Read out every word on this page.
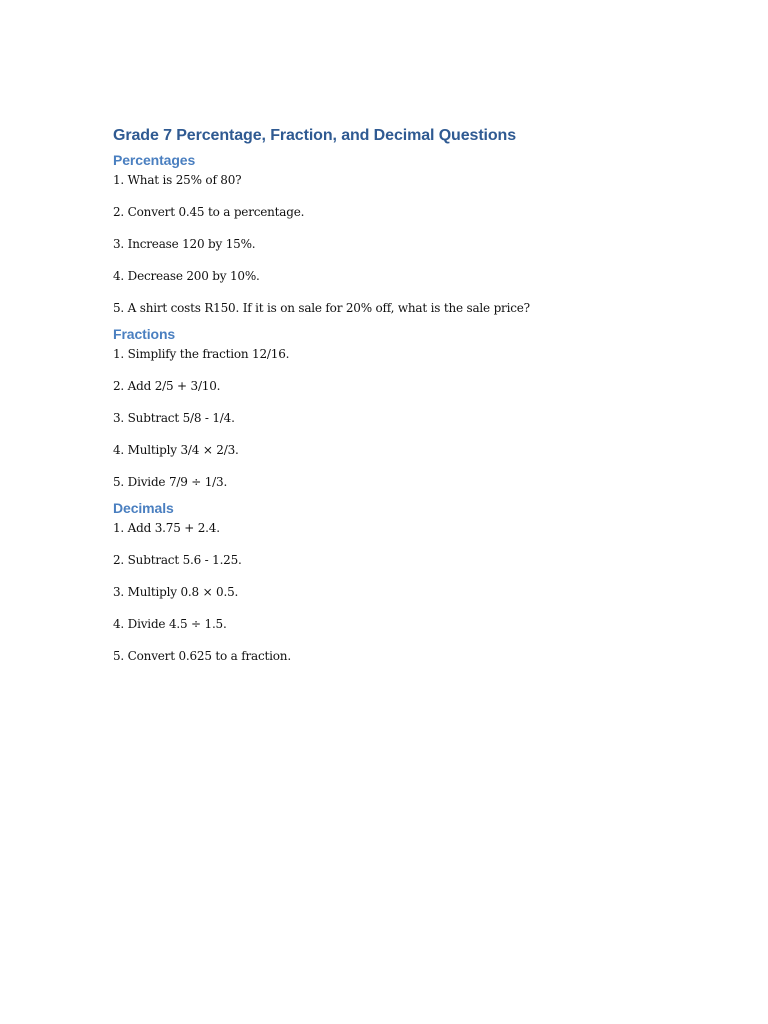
Grade 7 Percentage, Fraction, and Decimal Questions
Percentages

1. What is 25% of 80?

2. Convert 0.45 to a percentage.

3. Increase 120 by 15%.

4. Decrease 200 by 10%.

5. A shirt costs R150. If it is on sale for 20% off, what is the sale price?

Fractions

1. Simplify the fraction 12/16.

2. Add 2/5 + 3/10.

3. Subtract 5/8 - 1/4.

4. Multiply 3/4 × 2/3.

5. Divide 7/9 ÷ 1/3.

Decimals

1. Add 3.75 + 2.4.

2. Subtract 5.6 - 1.25.

3. Multiply 0.8 × 0.5.

4. Divide 4.5 ÷ 1.5.

5. Convert 0.625 to a fraction.
